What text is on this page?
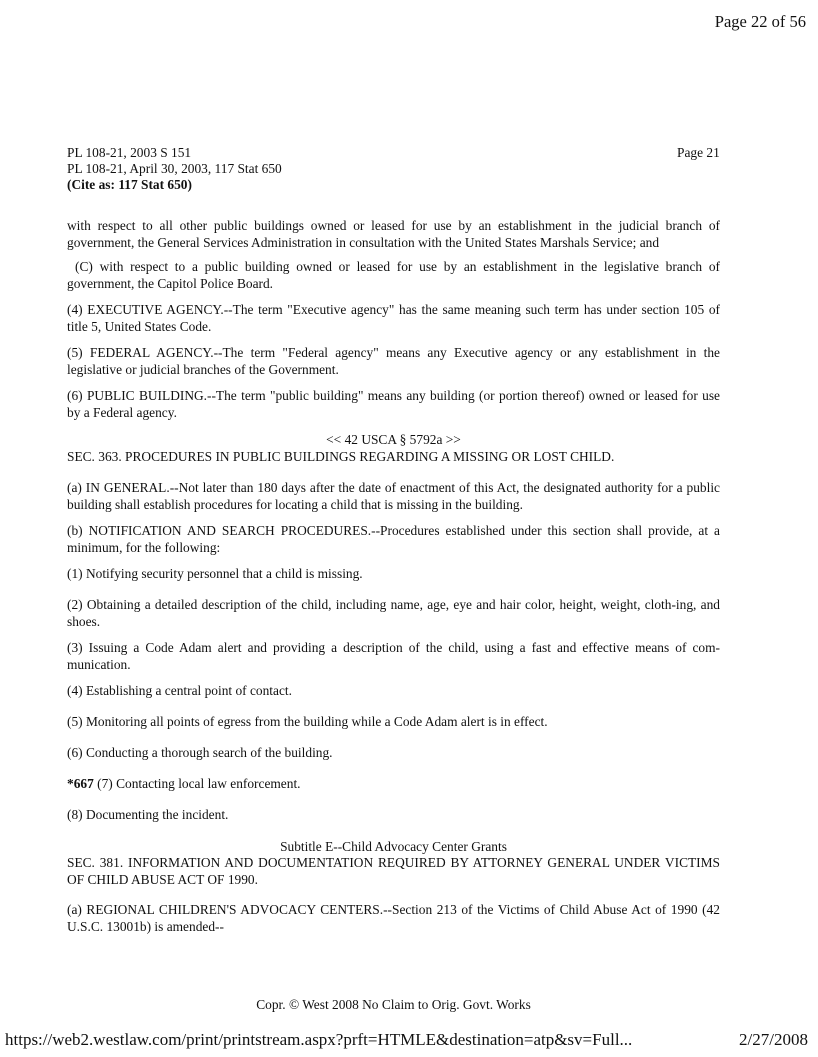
Page 22 of 56
PL 108-21, 2003 S 151
PL 108-21, April 30, 2003, 117 Stat 650
(Cite as: 117 Stat 650)
Page 21

with respect to all other public buildings owned or leased for use by an establishment in the judicial branch of government, the General Services Administration in consultation with the United States Marshals Service; and

(C) with respect to a public building owned or leased for use by an establishment in the legislative branch of government, the Capitol Police Board.

(4) EXECUTIVE AGENCY.--The term "Executive agency" has the same meaning such term has under section 105 of title 5, United States Code.

(5) FEDERAL AGENCY.--The term "Federal agency" means any Executive agency or any establishment in the legislative or judicial branches of the Government.

(6) PUBLIC BUILDING.--The term "public building" means any building (or portion thereof) owned or leased for use by a Federal agency.

<< 42 USCA § 5792a >>

SEC. 363. PROCEDURES IN PUBLIC BUILDINGS REGARDING A MISSING OR LOST CHILD.

(a) IN GENERAL.--Not later than 180 days after the date of enactment of this Act, the designated authority for a public building shall establish procedures for locating a child that is missing in the building.

(b) NOTIFICATION AND SEARCH PROCEDURES.--Procedures established under this section shall provide, at a minimum, for the following:

(1) Notifying security personnel that a child is missing.

(2) Obtaining a detailed description of the child, including name, age, eye and hair color, height, weight, cloth-ing, and shoes.

(3) Issuing a Code Adam alert and providing a description of the child, using a fast and effective means of com-munication.

(4) Establishing a central point of contact.

(5) Monitoring all points of egress from the building while a Code Adam alert is in effect.

(6) Conducting a thorough search of the building.

*667 (7) Contacting local law enforcement.

(8) Documenting the incident.

Subtitle E--Child Advocacy Center Grants

SEC. 381. INFORMATION AND DOCUMENTATION REQUIRED BY ATTORNEY GENERAL UNDER VICTIMS OF CHILD ABUSE ACT OF 1990.

(a) REGIONAL CHILDREN'S ADVOCACY CENTERS.--Section 213 of the Victims of Child Abuse Act of 1990 (42 U.S.C. 13001b) is amended--

Copr. © West 2008 No Claim to Orig. Govt. Works
https://web2.westlaw.com/print/printstream.aspx?prft=HTMLE&destination=atp&sv=Full...	2/27/2008
